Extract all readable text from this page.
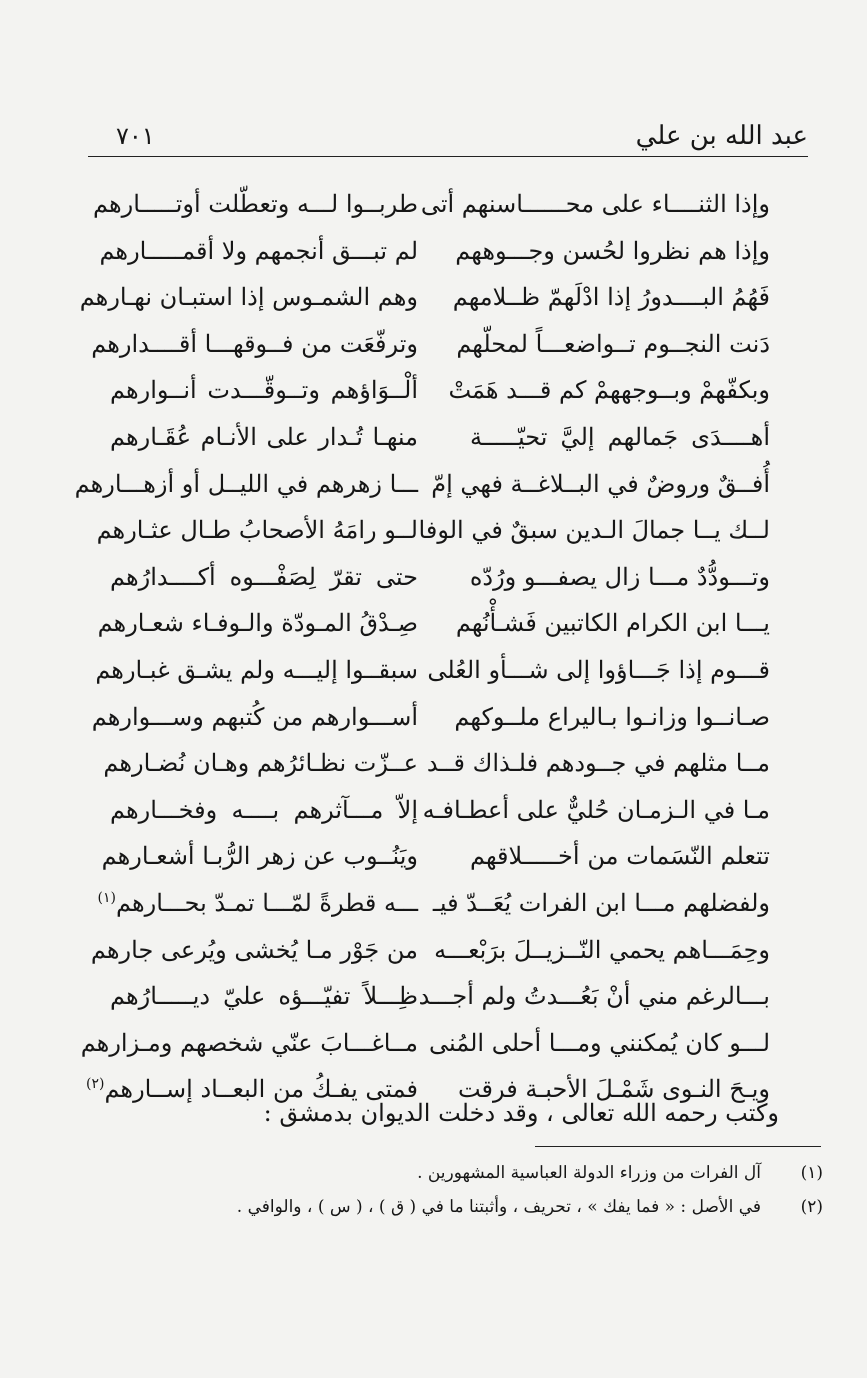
عبد الله بن علي
٧٠١
وإذا الثنــــاء على محــــــاسنهم أتى
طربــوا لـــه وتعطّلت أوتـــــارهم
وإذا هم نظروا لحُسن وجـــوههم
لم تبـــق أنجمهم ولا أقمـــــارهم
فَهُمُ البــــدورُ إذا ادْلَهمّ ظــلامهم
وهم الشمـوس إذا استبـان نهـارهم
دَنت النجــوم تــواضعـــاً لمحلّهم
وترفّعَت من فــوقهـــا أقــــدارهم
وبكفّهمْ وبــوجههمْ كم قـــد هَمَتْ
ألْــوَاؤهم وتــوقّـــدت أنــوارهم
أهــــدَى جَمالهم إليَّ تحيّـــــة
منهـا تُـدار على الأنـام عُقَـارهم
أُفــقٌ وروضٌ في البــلاغــة فهي إمّ
ـــا زهرهم في الليــل أو أزهـــارهم
لــك يــا جمالَ الـدين سبقٌ في الوفا
لــو رامَهُ الأصحابُ طـال عثـارهم
وتـــودُّدٌ مـــا زال يصفـــو ورُدّه
حتى تقرّ لِصَفْـــوه أكــــدارُهم
يـــا ابن الكرام الكاتبين فَشـأْنُهم
صِـدْقُ المـودّة والـوفـاء شعـارهم
قـــوم إذا جَـــاؤوا إلى شـــأو العُلى
سبقــوا إليـــه ولم يشـق غبـارهم
صـانــوا وزانـوا بـاليراع ملــوكهم
أســـوارهم من كُتبهم وســـوارهم
مــا مثلهم في جــودهم فلـذاك قــد
عــزّت نظـائرُهم وهـان نُضـارهم
مـا في الـزمـان حُليٌّ على أعطـافـه
إلاّ مـــآثرهم بــــه وفخـــارهم
تتعلم النّسَمات من أخـــــلاقهم
ويَنُــوب عن زهر الرُّبـا أشعـارهم
ولفضلهم مـــا ابن الفرات يُعَــدّ فيـ
ـــه قطرةً لمّـــا تمـدّ بحـــارهم$^{(١)}$
وحِمَـــاهم يحمي النّــزيــلَ برَبْعـــه
من جَوْر مـا يُخشى ويُرعى جارهم
بـــالرغم مني أنْ بَعُـــدتُ ولم أجـــد
ظِـــلاً تفيّـــؤه عليّ ديـــــارُهم
لـــو كان يُمكنني ومـــا أحلى المُنى
مــاغـــابَ عنّي شخصهم ومـزارهم
ويـحَ النـوى شَمْـلَ الأحبـة فرقت
فمتى يفـكُ من البعــاد إســارهم$^{(٢)}$
وكتب رحمه الله تعالى ، وقد دخلت الديوان بدمشق :
(١)
آل الفرات من وزراء الدولة العباسية المشهورين .
(٢)
في الأصل : « فما يفك » ، تحريف ، وأثبتنا ما في ( ق ) ، ( س ) ، والوافي .
